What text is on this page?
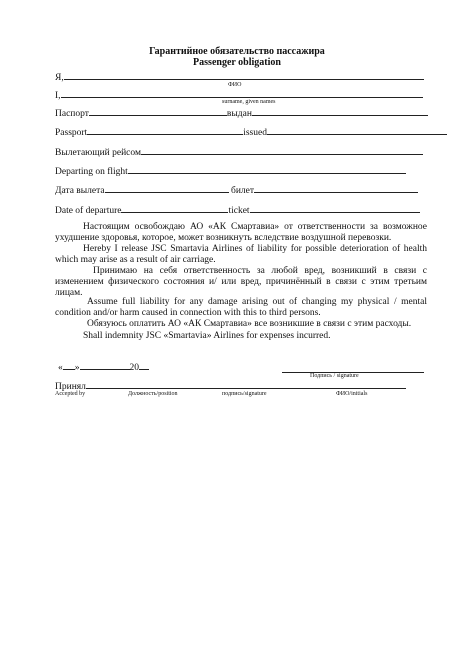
Гарантийное обязательство пассажира
Passenger obligation
Я,
ФИО
I,
surname, given names
Паспорт	выдан
Passport	issued
Вылетающий рейсом
Departing on flight
Дата вылета	билет
Date of departure	ticket
Настоящим освобождаю АО «АК Смартавиа» от ответственности за возможное ухудшение здоровья, которое, может возникнуть вследствие воздушной перевозки.
Hereby I release JSC Smartavia Airlines of liability for possible deterioration of health which may arise as a result of air carriage.
Принимаю на себя ответственность за любой вред, возникший в связи с изменением физического состояния и/ или вред, причинённый в связи с этим третьим лицам.
Assume full liability for any damage arising out of changing my physical / mental condition and/or harm caused in connection with this to third persons.
Обязуюсь оплатить АО «АК Смартавиа» все возникшие в связи с этим расходы.
Shall indemnity JSC «Smartavia» Airlines for expenses incurred.
« »	20
Подпись / signature
Принял
Accepted by	Должность/position	подпись/signature	ФИО/initials
